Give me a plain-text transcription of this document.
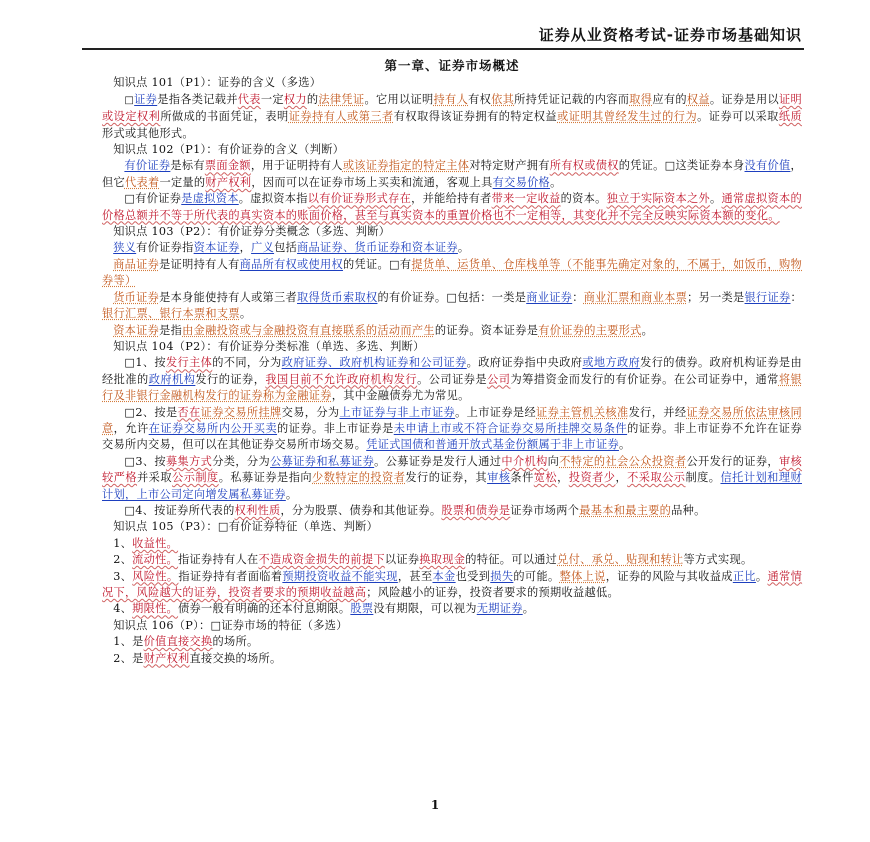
证券从业资格考试-证券市场基础知识
第一章、证券市场概述

知识点 101（P1）：证券的含义（多选）

□证券是指各类记载并代表一定权力的法律凭证。它用以证明持有人有权依其所持凭证记载的内容而取得应有的权益。证券是用以证明或设定权利所做成的书面凭证，表明证券持有人或第三者有权取得该证券拥有的特定权益或证明其曾经发生过的行为。证券可以采取纸质形式或其他形式。

知识点 102（P1）：有价证券的含义（判断）

有价证券是标有票面金额，用于证明持有人或该证券指定的特定主体对特定财产拥有所有权或债权的凭证。□这类证券本身没有价值，但它代表着一定量的财产权利，因而可以在证券市场上买卖和流通，客观上具有交易价格。

□有价证券是虚拟资本。虚拟资本指以有价证券形式存在，并能给持有者带来一定收益的资本。独立于实际资本之外。通常虚拟资本的价格总额并不等于所代表的真实资本的账面价格，甚至与真实资本的重置价格也不一定相等，其变化并不完全反映实际资本额的变化。

知识点 103（P2）：有价证券分类概念（多选、判断）

狭义有价证券指资本证券，广义包括商品证券、货币证券和资本证券。

商品证券是证明持有人有商品所有权或使用权的凭证。□有提货单、运货单、仓库栈单等（不能事先确定对象的，不属于，如饭币，购物券等）

货币证券是本身能使持有人或第三者取得货币索取权的有价证券。□包括：一类是商业证券：商业汇票和商业本票；另一类是银行证券：银行汇票、银行本票和支票。

资本证券是指由金融投资或与金融投资有直接联系的活动而产生的证券。资本证券是有价证券的主要形式。

知识点 104（P2）：有价证券分类标准（单选、多选、判断）

□1、按发行主体的不同，分为政府证券、政府机构证券和公司证券。政府证券指中央政府或地方政府发行的债券。政府机构证券是由经批准的政府机构发行的证券，我国目前不允许政府机构发行。公司证券是公司为筹措资金而发行的有价证券。在公司证券中，通常将银行及非银行金融机构发行的证券称为金融证券，其中金融债券尤为常见。

□2、按是否在证券交易所挂牌交易，分为上市证券与非上市证券。上市证券是经证券主管机关核准发行，并经证券交易所依法审核同意，允许在证券交易所内公开买卖的证券。非上市证券是未申请上市或不符合证券交易所挂牌交易条件的证券。非上市证券不允许在证券交易所内交易，但可以在其他证券交易所市场交易。凭证式国债和普通开放式基金份额属于非上市证券。

□3、按募集方式分类，分为公募证券和私募证券。公募证券是发行人通过中介机构向不特定的社会公众投资者公开发行的证券，审核较严格并采取公示制度。私募证券是指向少数特定的投资者发行的证券，其审核条件宽松，投资者少，不采取公示制度。信托计划和理财计划，上市公司定向增发属私募证券。

□4、按证券所代表的权利性质，分为股票、债券和其他证券。股票和债券是证券市场两个最基本和最主要的品种。

知识点 105（P3）：□有价证券特征（单选、判断）

1、收益性。

2、流动性。指证券持有人在不造成资金损失的前提下以证券换取现金的特征。可以通过兑付、承兑、贴现和转让等方式实现。

3、风险性。指证券持有者面临着预期投资收益不能实现，甚至本金也受到损失的可能。整体上说，证券的风险与其收益成正比。通常情况下，风险越大的证券，投资者要求的预期收益越高；风险越小的证券，投资者要求的预期收益越低。

4、期限性。债券一般有明确的还本付息期限。股票没有期限，可以视为无期证券。

知识点 106（P）：□证券市场的特征（多选）

1、是价值直接交换的场所。

2、是财产权利直接交换的场所。

1
